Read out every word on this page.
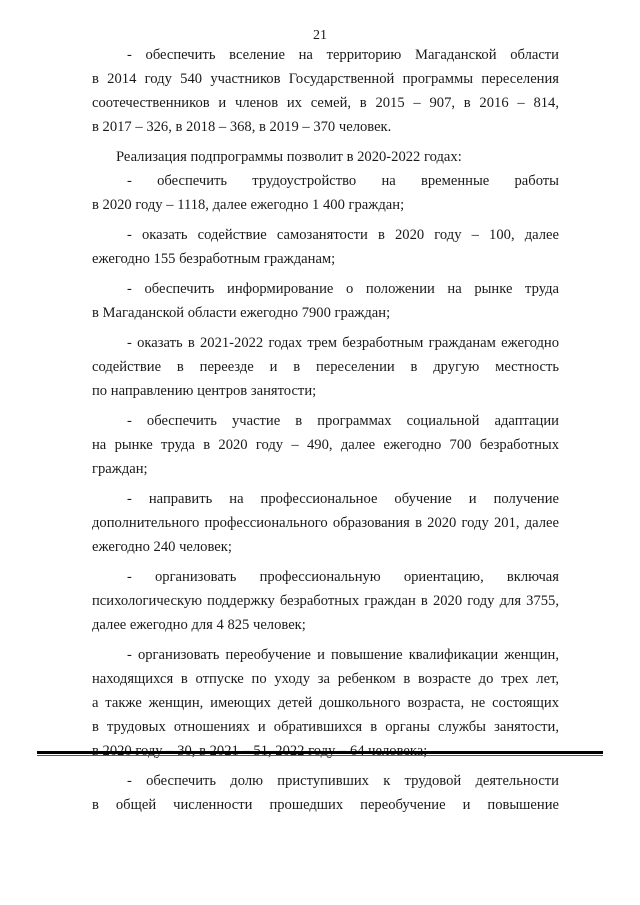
21
- обеспечить вселение на территорию Магаданской области
в 2014 году 540 участников Государственной программы переселения
соотечественников и членов их семей, в 2015 – 907, в 2016 – 814,
в 2017 – 326, в 2018 – 368, в 2019 – 370 человек.
Реализация подпрограммы позволит в 2020-2022 годах:
- обеспечить трудоустройство на временные работы
в 2020 году – 1118, далее ежегодно 1 400 граждан;
- оказать содействие самозанятости в 2020 году – 100, далее
ежегодно 155 безработным гражданам;
- обеспечить информирование о положении на рынке труда
в Магаданской области ежегодно 7900 граждан;
- оказать в 2021-2022 годах трем безработным гражданам ежегодно
содействие в переезде и в переселении в другую местность
по направлению центров занятости;
- обеспечить участие в программах социальной адаптации
на рынке труда в 2020 году – 490, далее ежегодно 700 безработных
граждан;
- направить на профессиональное обучение и получение
дополнительного профессионального образования в 2020 году 201, далее
ежегодно 240 человек;
- организовать профессиональную ориентацию, включая
психологическую поддержку безработных граждан в 2020 году для 3755,
далее ежегодно для 4 825 человек;
- организовать переобучение и повышение квалификации женщин,
находящихся в отпуске по уходу за ребенком в возрасте до трех лет,
а также женщин, имеющих детей дошкольного возраста, не состоящих
в трудовых отношениях и обратившихся в органы службы занятости,
- обеспечить долю приступивших к трудовой деятельности
в общей численности прошедших переобучение и повышение
